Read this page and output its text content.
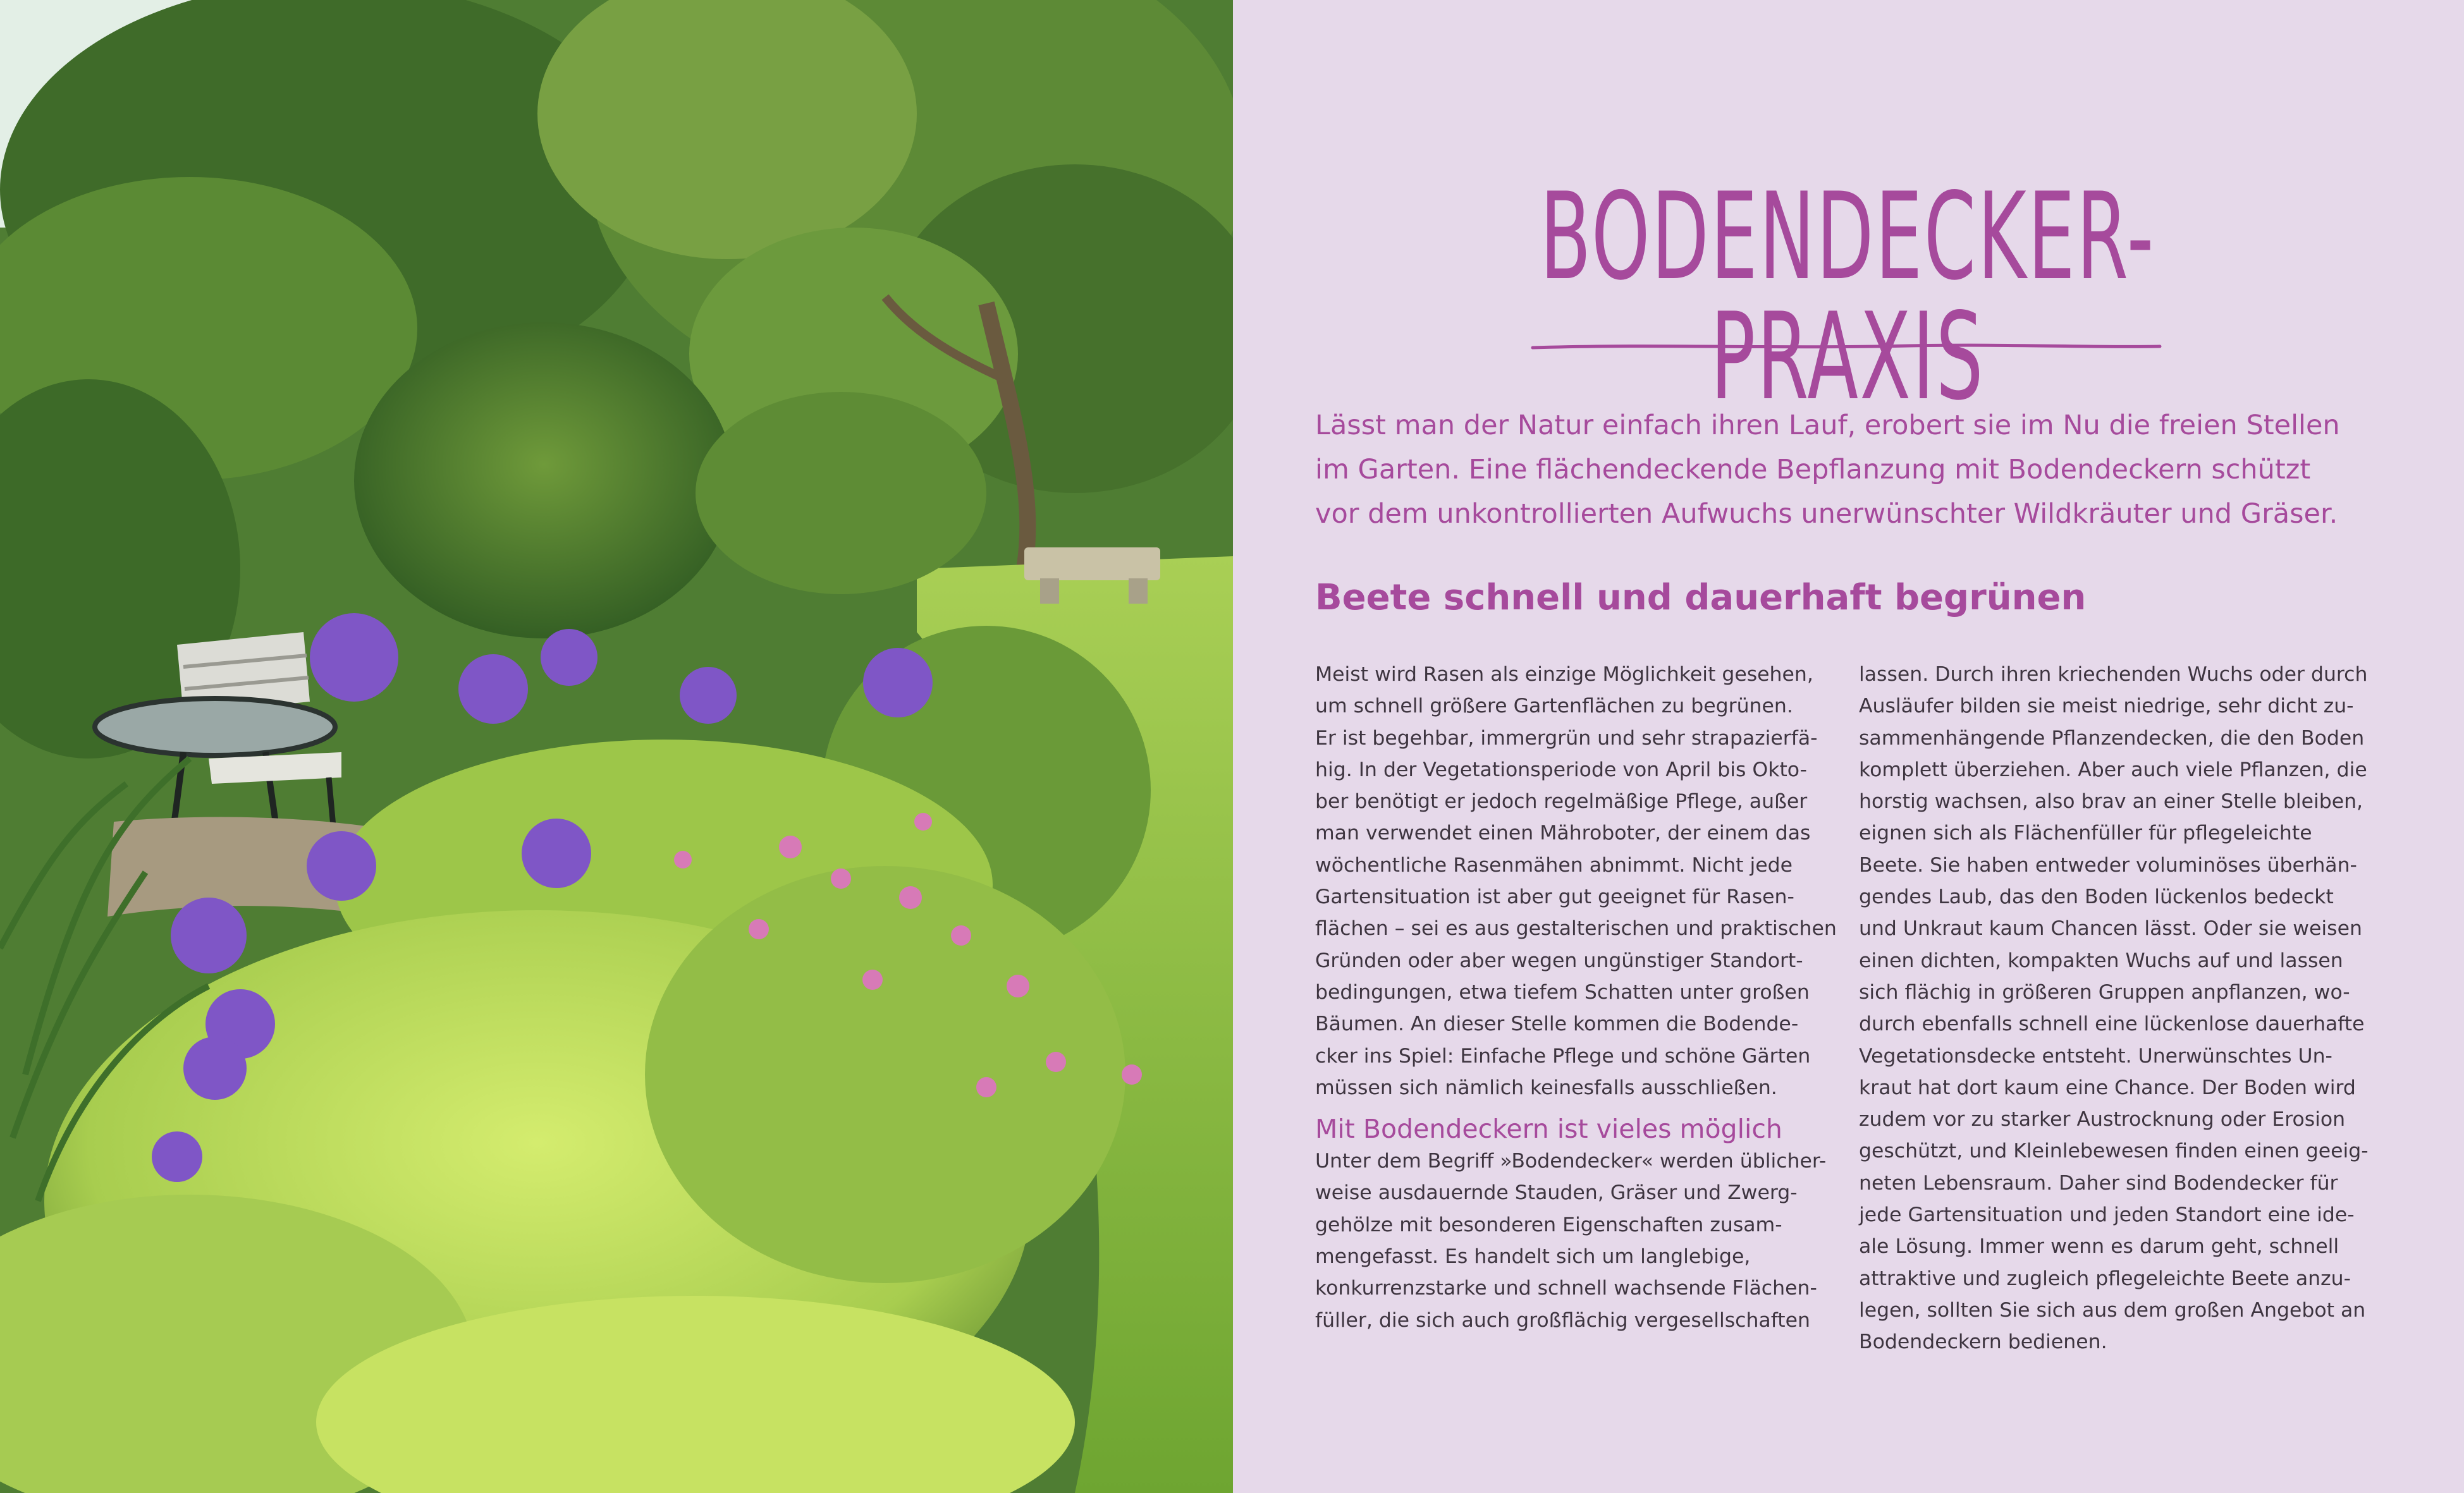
BODENDECKER-PRAXIS

Lässt man der Natur einfach ihren Lauf, erobert sie im Nu die freien Stellen
im Garten. Eine flächendeckende Bepflanzung mit Bodendeckern schützt
vor dem unkontrollierten Aufwuchs unerwünschter Wildkräuter und Gräser.

Beete schnell und dauerhaft begrünen
Meist wird Rasen als einzige Möglichkeit gesehen,
um schnell größere Gartenflächen zu begrünen.
Er ist begehbar, immergrün und sehr strapazierfä-
hig. In der Vegetationsperiode von April bis Okto-
ber benötigt er jedoch regelmäßige Pflege, außer
man verwendet einen Mähroboter, der einem das
wöchentliche Rasenmähen abnimmt. Nicht jede
Gartensituation ist aber gut geeignet für Rasen-
flächen – sei es aus gestalterischen und praktischen
Gründen oder aber wegen ungünstiger Standort-
bedingungen, etwa tiefem Schatten unter großen
Bäumen. An dieser Stelle kommen die Bodende-
cker ins Spiel: Einfache Pflege und schöne Gärten
müssen sich nämlich keinesfalls ausschließen.
Mit Bodendeckern ist vieles möglich
Unter dem Begriff »Bodendecker« werden üblicher-
weise ausdauernde Stauden, Gräser und Zwerg-
gehölze mit besonderen Eigenschaften zusam-
mengefasst. Es handelt sich um langlebige,
konkurrenzstarke und schnell wachsende Flächen-
füller, die sich auch großflächig vergesellschaften
lassen. Durch ihren kriechenden Wuchs oder durch
Ausläufer bilden sie meist niedrige, sehr dicht zu-
sammenhängende Pflanzendecken, die den Boden
komplett überziehen. Aber auch viele Pflanzen, die
horstig wachsen, also brav an einer Stelle bleiben,
eignen sich als Flächenfüller für pflegeleichte
Beete. Sie haben entweder voluminöses überhän-
gendes Laub, das den Boden lückenlos bedeckt
und Unkraut kaum Chancen lässt. Oder sie weisen
einen dichten, kompakten Wuchs auf und lassen
sich flächig in größeren Gruppen anpflanzen, wo-
durch ebenfalls schnell eine lückenlose dauerhafte
Vegetationsdecke entsteht. Unerwünschtes Un-
kraut hat dort kaum eine Chance. Der Boden wird
zudem vor zu starker Austrocknung oder Erosion
geschützt, und Kleinlebewesen finden einen geeig-
neten Lebensraum. Daher sind Bodendecker für
jede Gartensituation und jeden Standort eine ide-
ale Lösung. Immer wenn es darum geht, schnell
attraktive und zugleich pflegeleichte Beete anzu-
legen, sollten Sie sich aus dem großen Angebot an
Bodendeckern bedienen.
